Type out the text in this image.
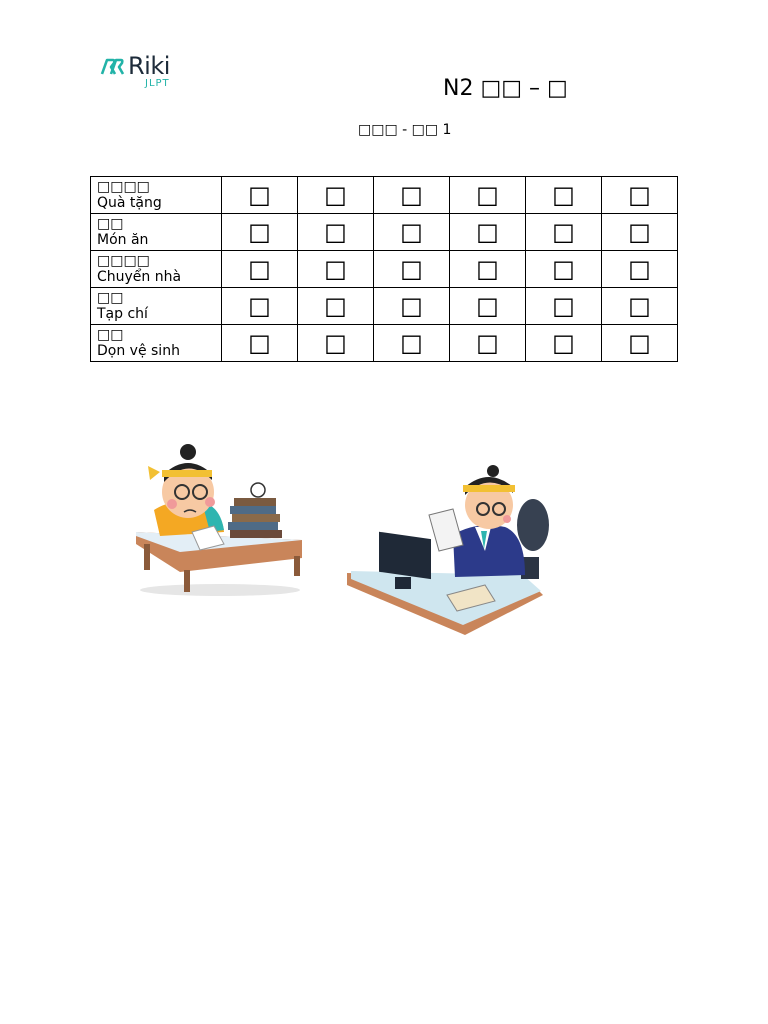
Riki
JLPT	N2 □□ – □
□□□ - □□ 1
□□□□
Quà tặng	□	□	□	□	□	□

□□
Món ăn	□	□	□	□	□	□

□□□□
Chuyển nhà	□	□	□	□	□	□

□□
Tạp chí	□	□	□	□	□	□

□□
Dọn vệ sinh	□	□	□	□	□	□
